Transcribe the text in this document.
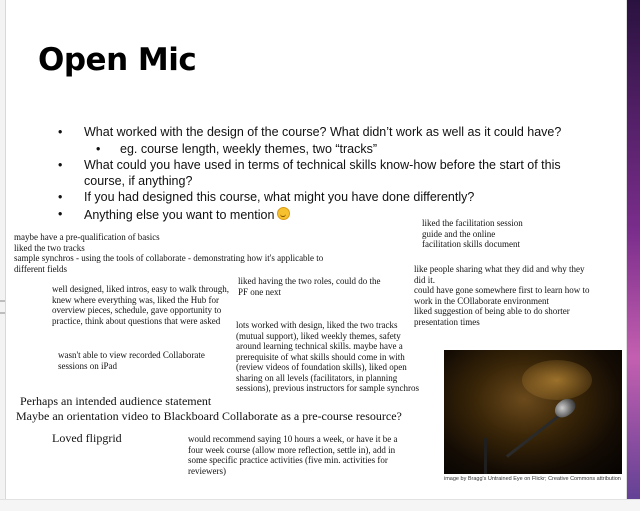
Open Mic
• What worked with the design of the course? What didn’t work as well as it could have?
• eg. course length, weekly themes, two “tracks”
• What could you have used in terms of technical skills know-how before the start of this course, if anything?
• If you had designed this course, what might you have done differently?
• Anything else you want to mention

maybe have a pre-qualification of basics
liked the two tracks
sample synchros - using the tools of collaborate - demonstrating how it's applicable to different fields

liked the facilitation session
guide and the online
facilitation skills document

like people sharing what they did and why they did it.
could have gone somewhere first to learn how to work in the COllaborate environment
liked suggestion of being able to do shorter presentation times

well designed, liked intros, easy to walk through, knew where everything was, liked the Hub for overview pieces, schedule, gave opportunity to practice, think about questions that were asked

liked having the two roles, could do the PF one next

lots worked with design, liked the two tracks (mutual support), liked weekly themes, safety around learning technical skills. maybe have a prerequisite of what skills should come in with (review videos of foundation skills), liked open sharing on all levels (facilitators, in planning sessions), previous instructors for sample synchros

wasn't able to view recorded Collaborate sessions on iPad

Perhaps an intended audience statement

Maybe an orientation video to Blackboard Collaborate as a pre-course resource?

Loved flipgrid	would recommend saying 10 hours a week, or have it be a four week course (allow more reflection, settle in), add in some specific practice activities (five min. activities for reviewers)

image by Bragg's Untrained Eye on Flickr; Creative Commons attribution
